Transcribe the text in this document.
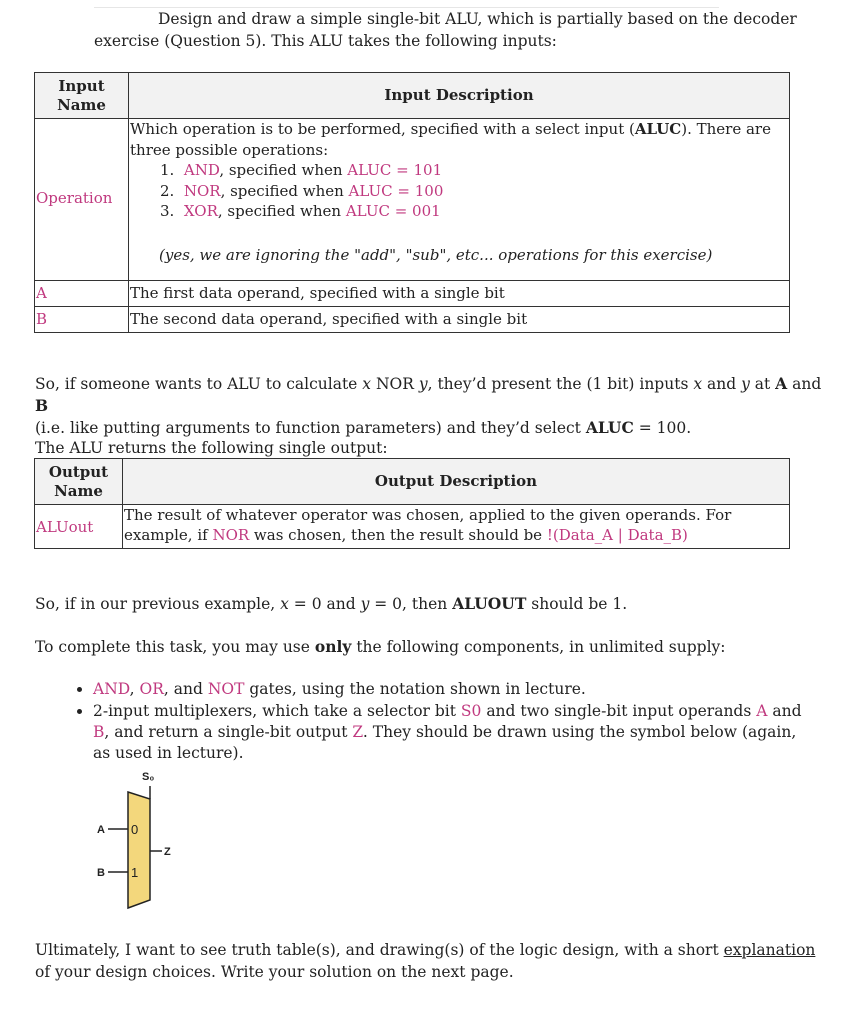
Design and draw a simple single-bit ALU, which is partially based on the decoder
exercise (Question 5). This ALU takes the following inputs:
Input
Name	Input Description
Operation	Which operation is to be performed, specified with a select input (ALUC). There are three possible operations:
1. AND, specified when ALUC = 101
2. NOR, specified when ALUC = 100
3. XOR, specified when ALUC = 001
(yes, we are ignoring the "add", "sub", etc... operations for this exercise)

A	The first data operand, specified with a single bit
B	The second data operand, specified with a single bit
So, if someone wants to ALU to calculate x NOR y, they’d present the (1 bit) inputs x and y at A and B
(i.e. like putting arguments to function parameters) and they’d select ALUC = 100.
The ALU returns the following single output:
Output
Name	Output Description
ALUout	The result of whatever operator was chosen, applied to the given operands. For example, if NOR was chosen, then the result should be !(Data_A | Data_B)
So, if in our previous example, x = 0 and y = 0, then ALUOUT should be 1.
To complete this task, you may use only the following components, in unlimited supply:
• AND, OR, and NOT gates, using the notation shown in lecture.
• 2-input multiplexers, which take a selector bit S0 and two single-bit input operands A and B, and return a single-bit output Z. They should be drawn using the symbol below (again, as used in lecture).
S₀
A 0
B 1
Z
Ultimately, I want to see truth table(s), and drawing(s) of the logic design, with a short explanation of your design choices. Write your solution on the next page.
